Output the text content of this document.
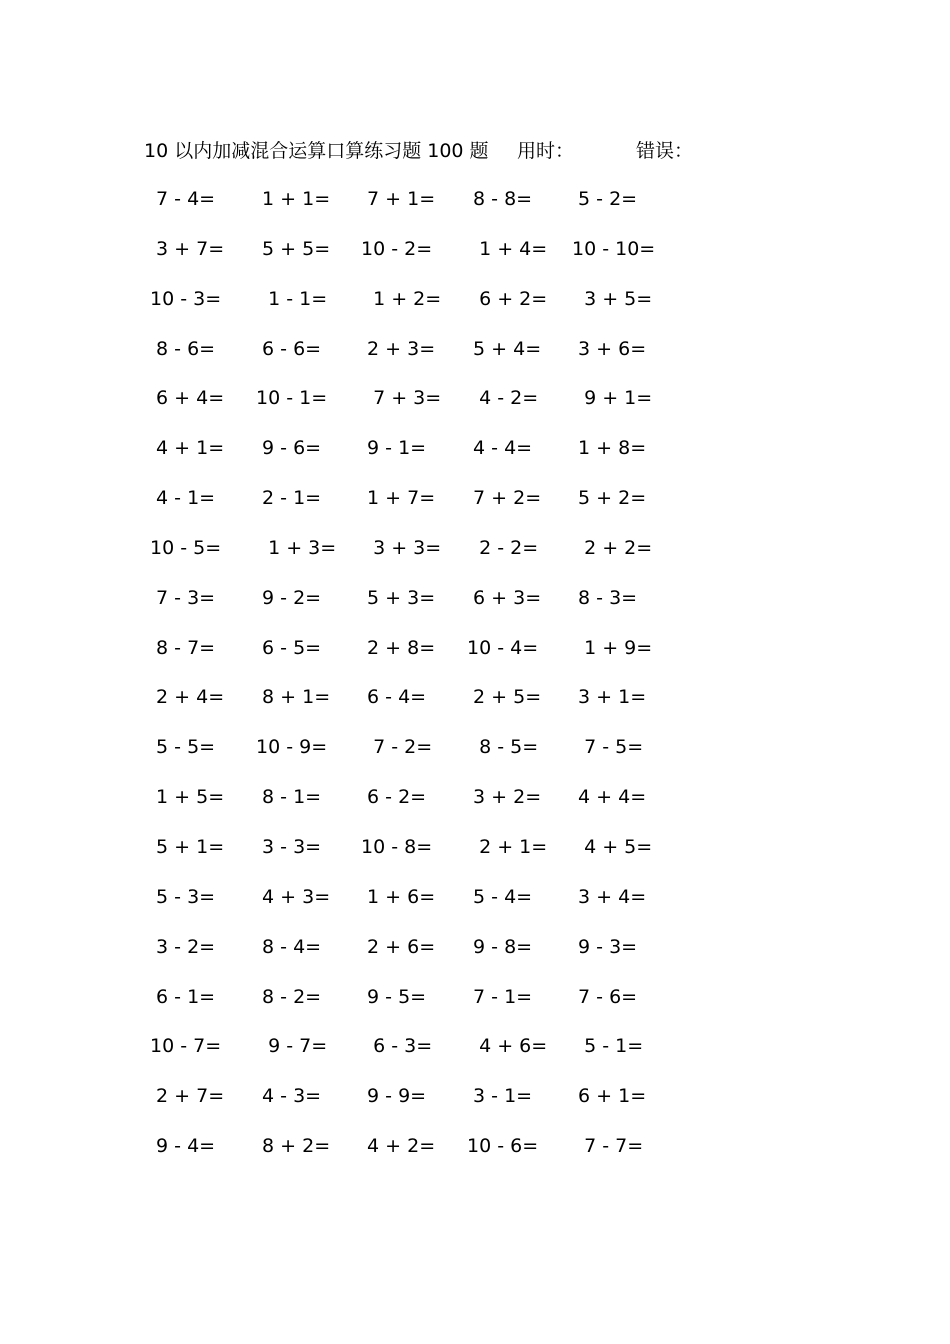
10 以内加减混合运算口算练习题 100 题 用时：	错误：
7 - 4=	1 + 1=	7 + 1=	8 - 8=	5 - 2=
3 + 7=	5 + 5=	10 - 2=	1 + 4=	10 - 10=
10 - 3=	1 - 1=	1 + 2=	6 + 2=	3 + 5=
8 - 6=	6 - 6=	2 + 3=	5 + 4=	3 + 6=
6 + 4=	10 - 1=	7 + 3=	4 - 2=	9 + 1=
4 + 1=	9 - 6=	9 - 1=	4 - 4=	1 + 8=
4 - 1=	2 - 1=	1 + 7=	7 + 2=	5 + 2=
10 - 5=	1 + 3=	3 + 3=	2 - 2=	2 + 2=
7 - 3=	9 - 2=	5 + 3=	6 + 3=	8 - 3=
8 - 7=	6 - 5=	2 + 8=	10 - 4=	1 + 9=
2 + 4=	8 + 1=	6 - 4=	2 + 5=	3 + 1=
5 - 5=	10 - 9=	7 - 2=	8 - 5=	7 - 5=
1 + 5=	8 - 1=	6 - 2=	3 + 2=	4 + 4=
5 + 1=	3 - 3=	10 - 8=	2 + 1=	4 + 5=
5 - 3=	4 + 3=	1 + 6=	5 - 4=	3 + 4=
3 - 2=	8 - 4=	2 + 6=	9 - 8=	9 - 3=
6 - 1=	8 - 2=	9 - 5=	7 - 1=	7 - 6=
10 - 7=	9 - 7=	6 - 3=	4 + 6=	5 - 1=
2 + 7=	4 - 3=	9 - 9=	3 - 1=	6 + 1=
9 - 4=	8 + 2=	4 + 2=	10 - 6=	7 - 7=
